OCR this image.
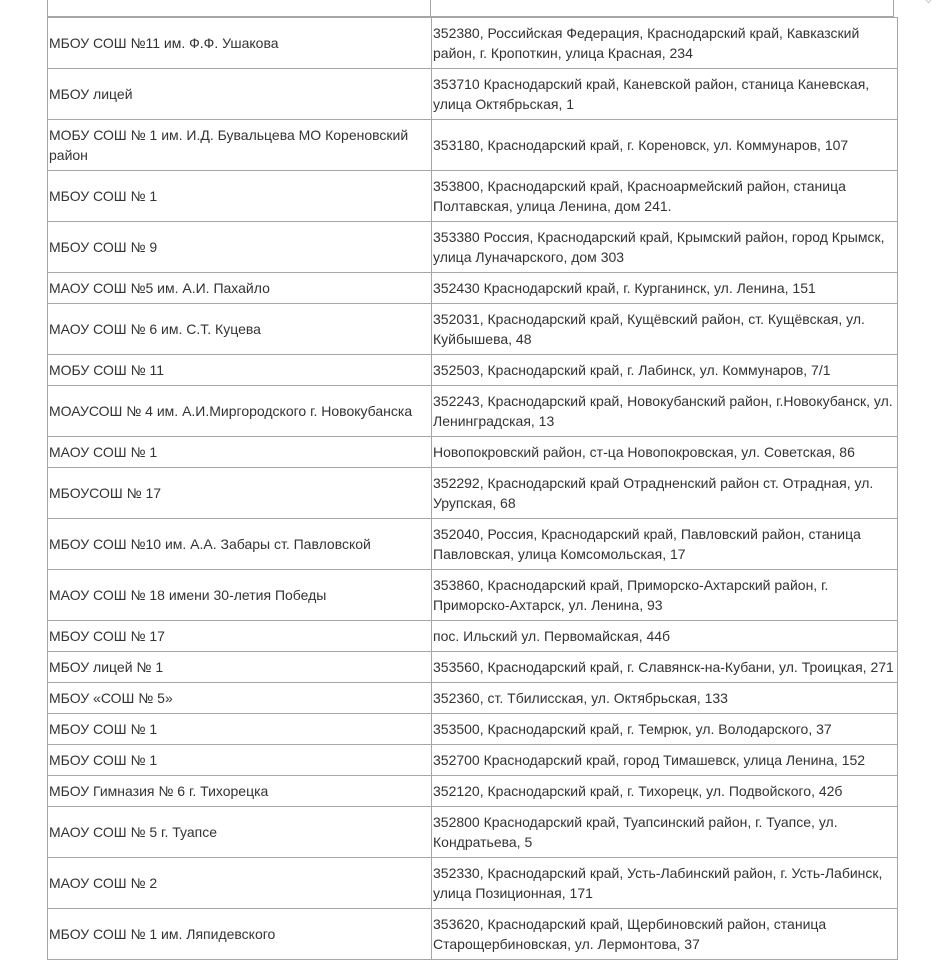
МБОУ СОШ №11 им. Ф.Ф. Ушакова	352380, Российская Федерация, Краснодарский край, Кавказский район, г. Кропоткин, улица Красная, 234
МБОУ лицей	353710 Краснодарский край, Каневской район, станица Каневская, улица Октябрьская, 1
МОБУ СОШ № 1 им. И.Д. Бувальцева МО Кореновский район	353180, Краснодарский край, г. Кореновск, ул. Коммунаров, 107
МБОУ СОШ № 1	353800, Краснодарский край, Красноармейский район, станица Полтавская, улица Ленина, дом 241.
МБОУ СОШ № 9	353380 Россия, Краснодарский край, Крымский район, город Крымск, улица Луначарского, дом 303
МАОУ СОШ №5 им. А.И. Пахайло	352430 Краснодарский край, г. Курганинск, ул. Ленина, 151
МАОУ СОШ № 6 им. С.Т. Куцева	352031, Краснодарский край, Кущёвский район, ст. Кущёвская, ул. Куйбышева, 48
МОБУ СОШ № 11	352503, Краснодарский край, г. Лабинск, ул. Коммунаров, 7/1
МОАУСОШ № 4 им. А.И.Миргородского г. Новокубанска	352243, Краснодарский край, Новокубанский район, г.Новокубанск, ул. Ленинградская, 13
МАОУ СОШ № 1	Новопокровский район, ст-ца Новопокровская, ул. Советская, 86
МБОУСОШ № 17	352292, Краснодарский край Отрадненский район ст. Отрадная, ул. Урупская, 68
МБОУ СОШ №10 им. А.А. Забары ст. Павловской	352040, Россия, Краснодарский край, Павловский район, станица Павловская, улица Комсомольская, 17
МАОУ СОШ № 18 имени 30-летия Победы	353860, Краснодарский край, Приморско-Ахтарский район, г. Приморско-Ахтарск, ул. Ленина, 93
МБОУ СОШ № 17	пос. Ильский ул. Первомайская, 44б
МБОУ лицей № 1	353560, Краснодарский край, г. Славянск-на-Кубани, ул. Троицкая, 271
МБОУ «СОШ № 5»	352360, ст. Тбилисская, ул. Октябрьская, 133
МБОУ СОШ № 1	353500, Краснодарский край, г. Темрюк, ул. Володарского, 37
МБОУ СОШ № 1	352700 Краснодарский край, город Тимашевск, улица Ленина, 152
МБОУ Гимназия № 6 г. Тихорецка	352120, Краснодарский край, г. Тихорецк, ул. Подвойского, 42б
МАОУ СОШ № 5 г. Туапсе	352800 Краснодарский край, Туапсинский район, г. Туапсе, ул. Кондратьева, 5
МАОУ СОШ № 2	352330, Краснодарский край, Усть-Лабинский район, г. Усть-Лабинск, улица Позиционная, 171
МБОУ СОШ № 1 им. Ляпидевского	353620, Краснодарский край, Щербиновский район, станица Старощербиновская, ул. Лермонтова, 37
